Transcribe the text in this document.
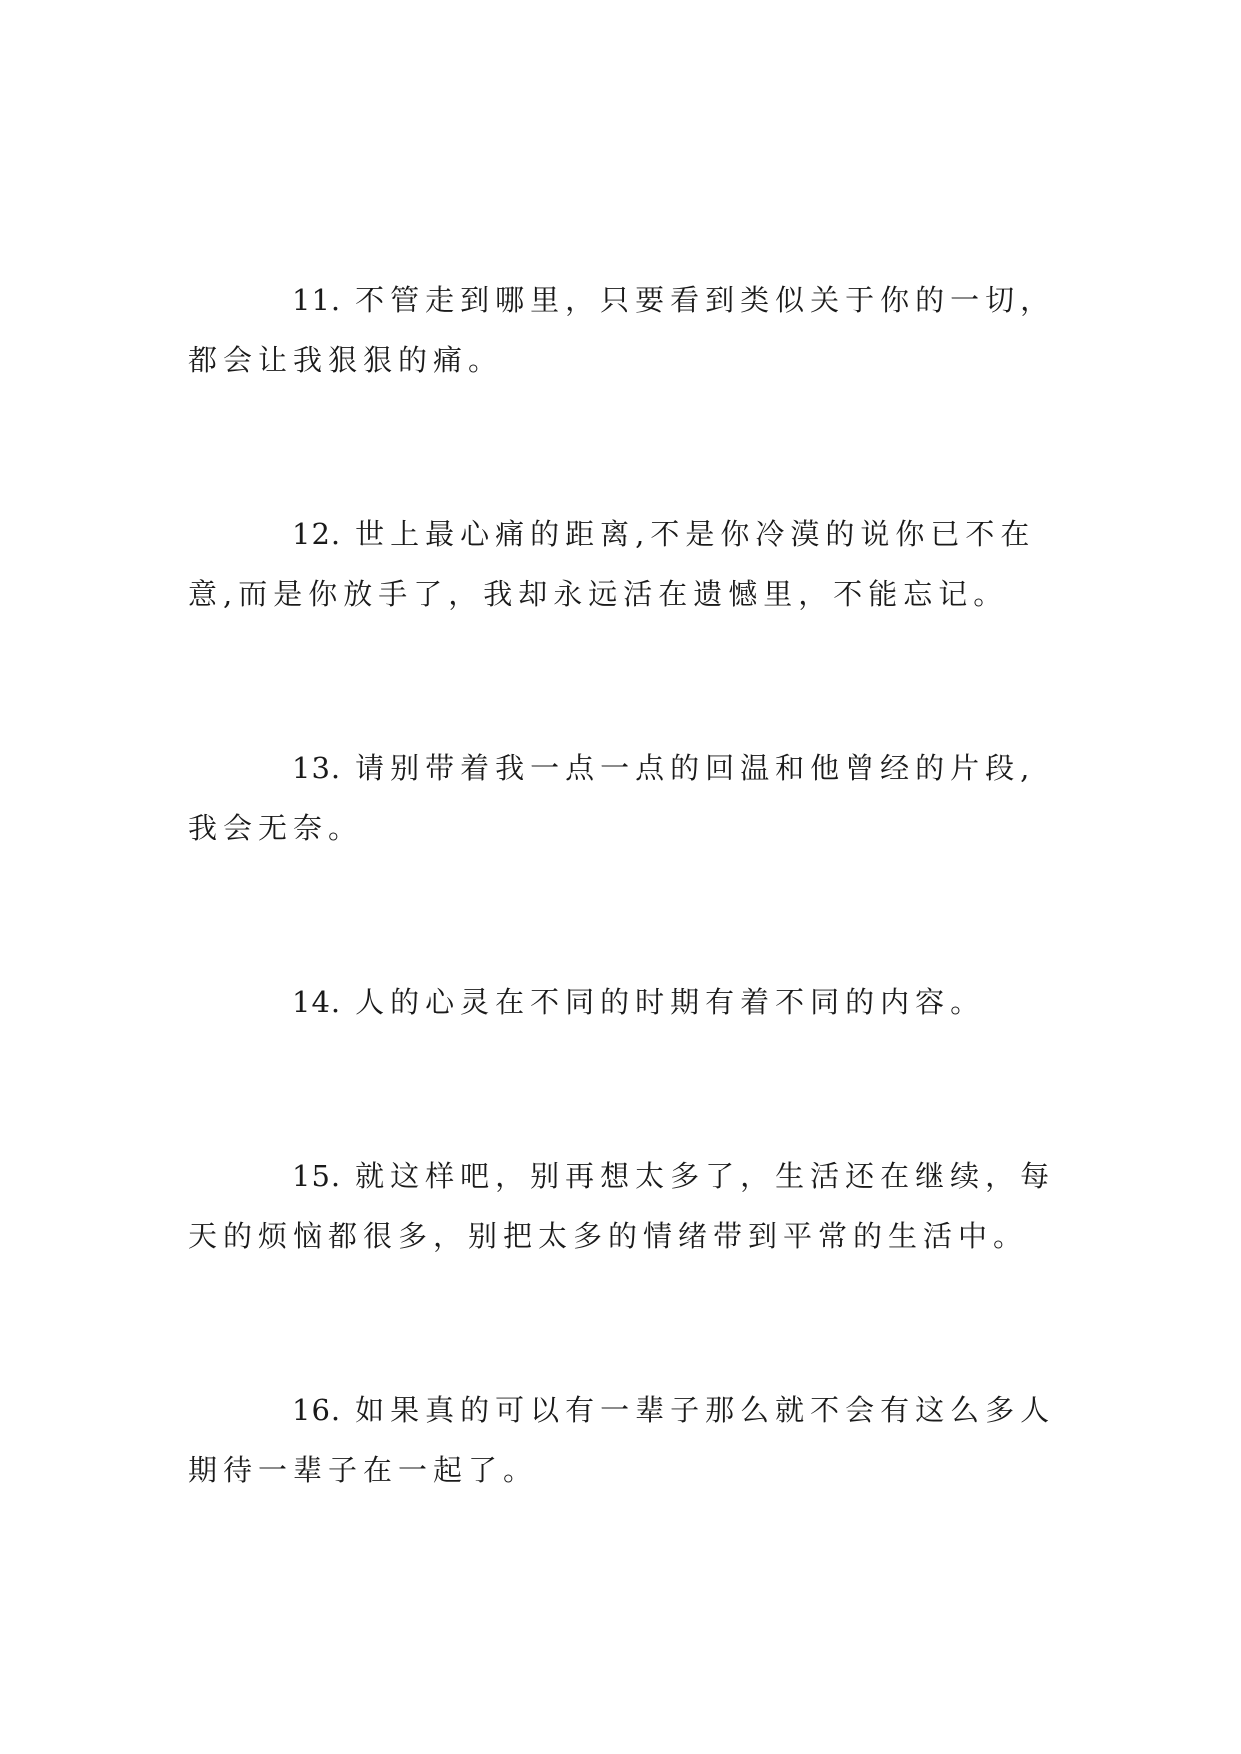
11. 不管走到哪里，只要看到类似关于你的一切，都会让我狠狠的痛。

12. 世上最心痛的距离,不是你冷漠的说你已不在意,而是你放手了，我却永远活在遗憾里，不能忘记。

13. 请别带着我一点一点的回温和他曾经的片段,我会无奈。

14. 人的心灵在不同的时期有着不同的内容。

15. 就这样吧，别再想太多了，生活还在继续，每天的烦恼都很多，别把太多的情绪带到平常的生活中。

16. 如果真的可以有一辈子那么就不会有这么多人期待一辈子在一起了。
